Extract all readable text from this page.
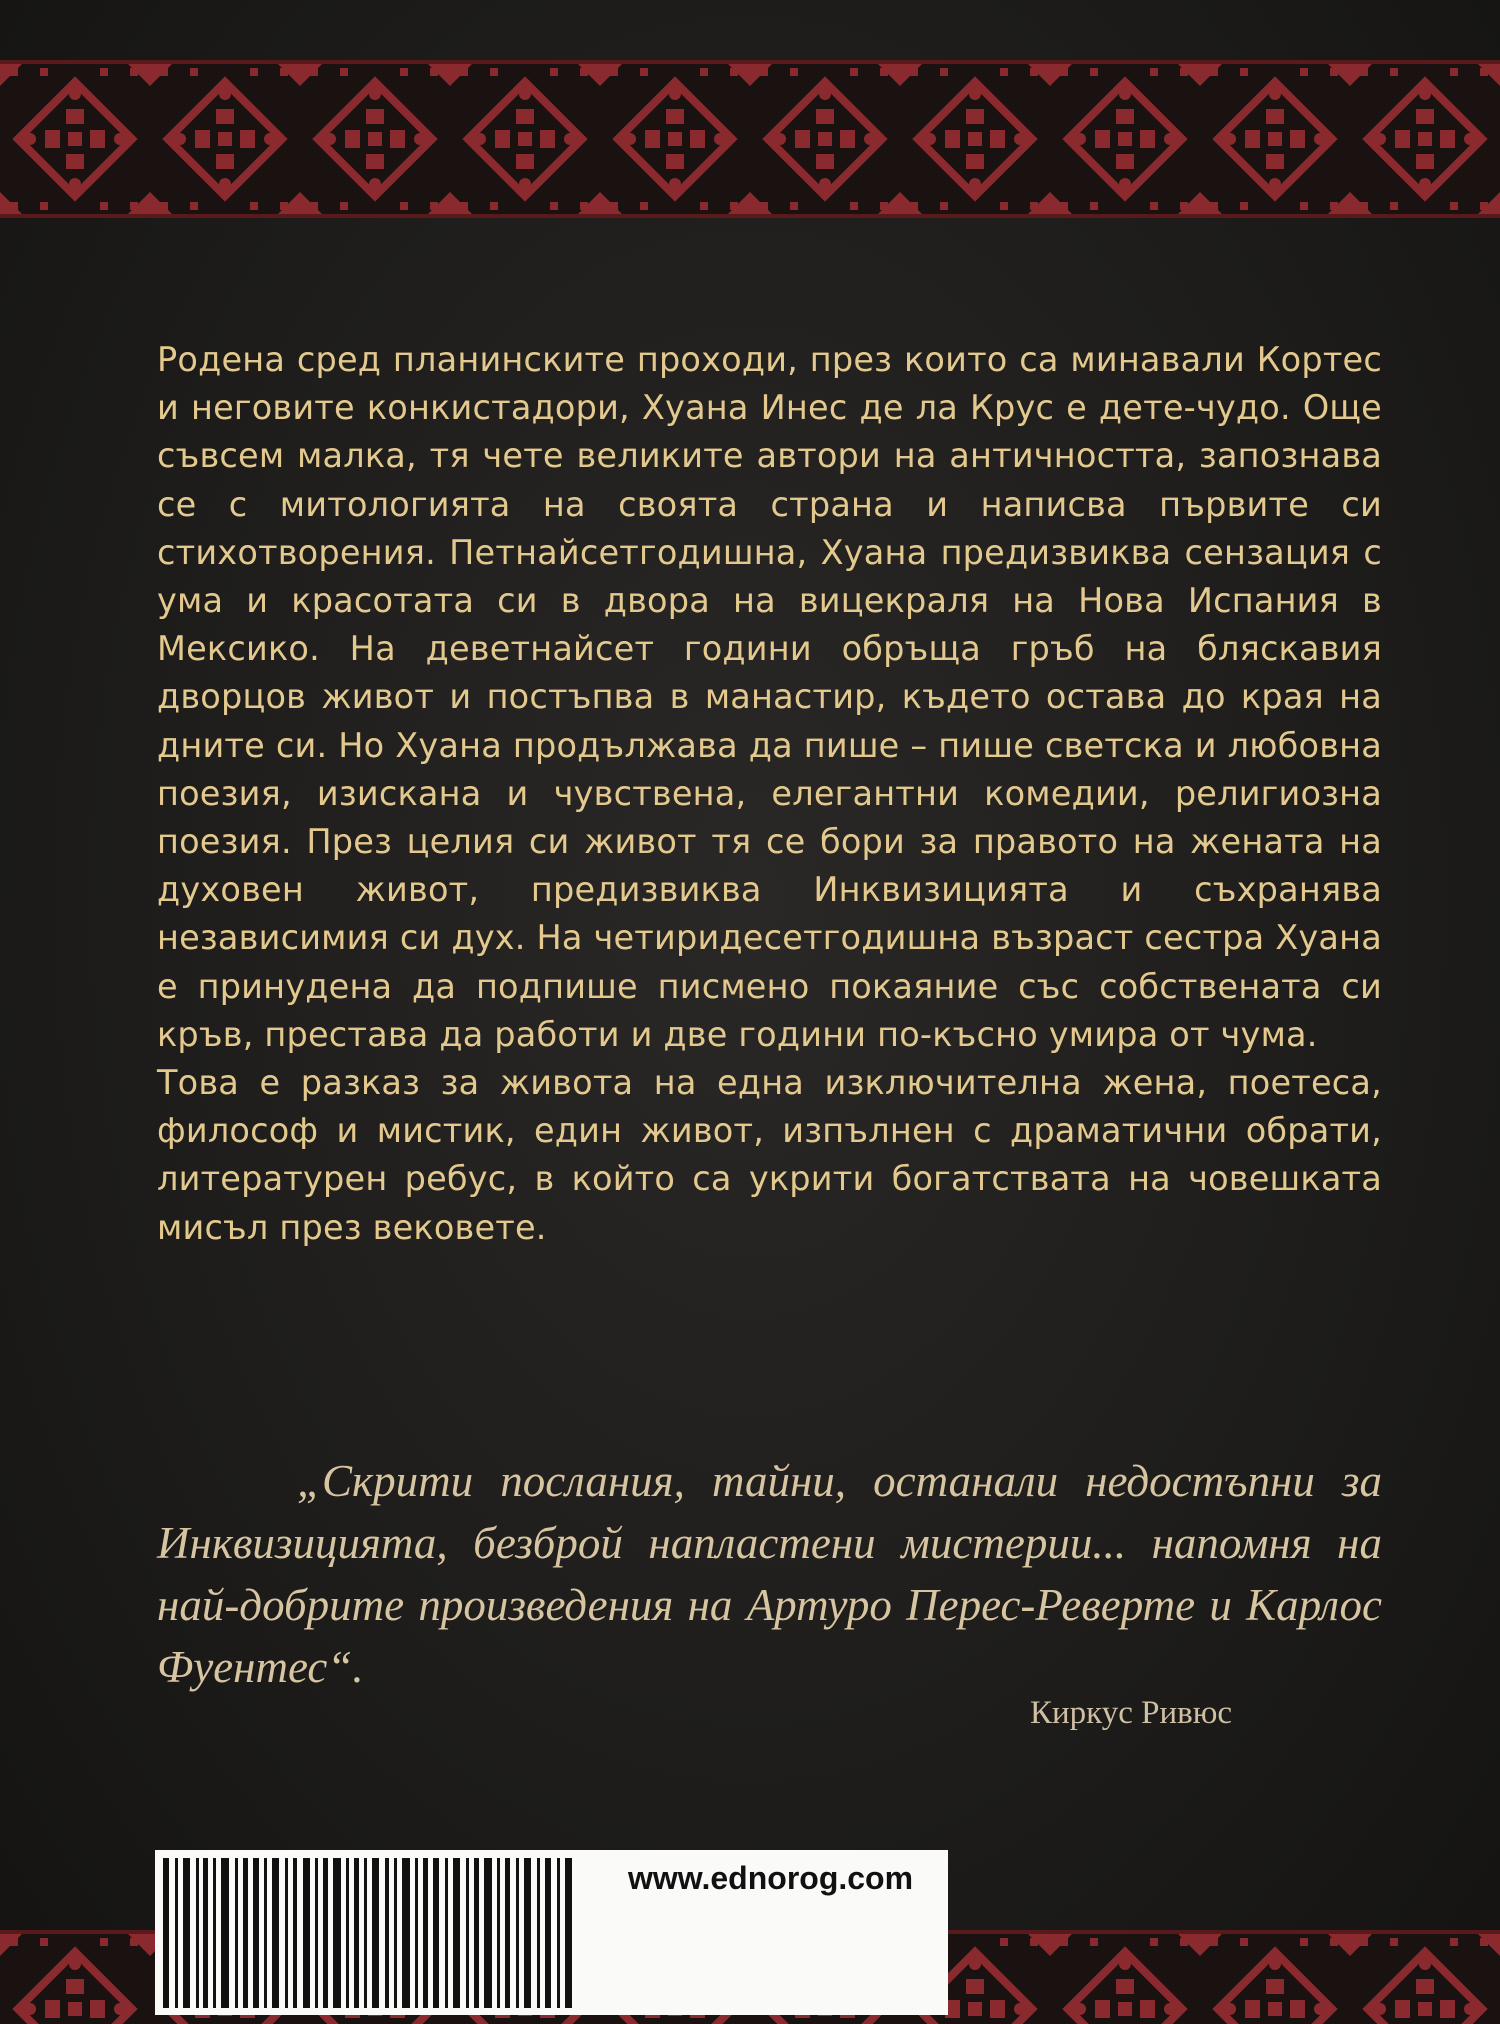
Родена сред планинските проходи, през които са минавали Кортес и неговите конкистадори, Хуана Инес де ла Крус е дете-чудо. Още съвсем малка, тя чете великите автори на античността, запознава се с митологията на своята страна и написва първите си стихотворения. Петнайсетгодишна, Хуана предизвиква сензация с ума и красотата си в двора на вицекраля на Нова Испания в Мексико. На деветнайсет години обръща гръб на бляскавия дворцов живот и постъпва в манастир, където остава до края на дните си. Но Хуана продължава да пише – пише светска и любовна поезия, изискана и чувствена, елегантни комедии, религиозна поезия. През целия си живот тя се бори за правото на жената на духовен живот, предизвиква Инквизицията и съхранява независимия си дух. На четиридесетгодишна възраст сестра Хуана е принудена да подпише писмено покаяние със собствената си кръв, престава да работи и две години по-късно умира от чума.

Това е разказ за живота на една изключителна жена, поетеса, философ и мистик, един живот, изпълнен с драматични обрати, литературен ребус, в който са укрити богатствата на човешката мисъл през вековете.

„Скрити послания, тайни, останали недостъпни за Инквизицията, безброй напластени мистерии... напомня на най-добрите произведения на Артуро Перес-Реверте и Карлос Фуентес“.
Киркус Ривюс
www.ednorog.com
